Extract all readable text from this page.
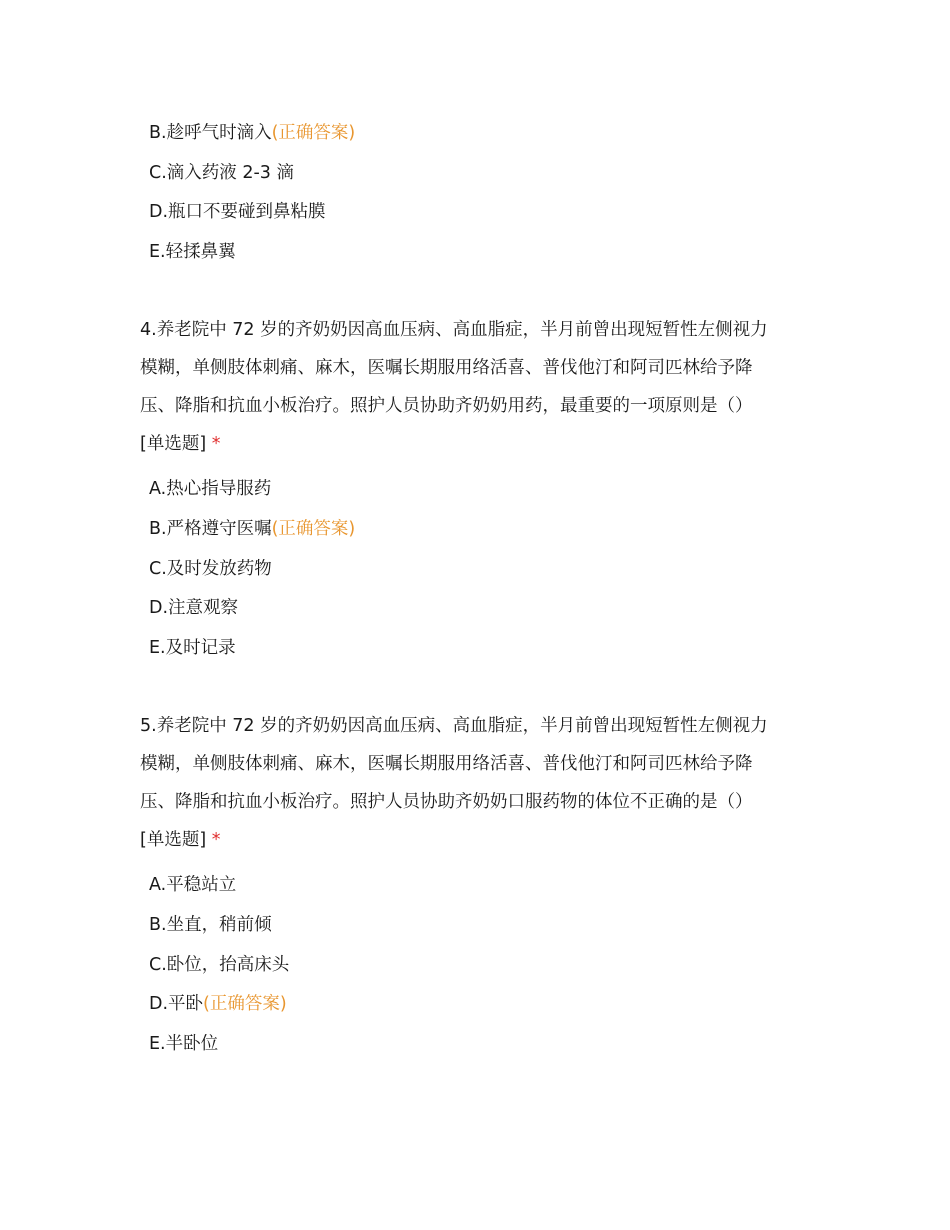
B.趁呼气时滴入(正确答案)
C.滴入药液 2-3 滴
D.瓶口不要碰到鼻粘膜
E.轻揉鼻翼
4.养老院中 72 岁的齐奶奶因高血压病、高血脂症，半月前曾出现短暂性左侧视力
模糊，单侧肢体刺痛、麻木，医嘱长期服用络活喜、普伐他汀和阿司匹林给予降
压、降脂和抗血小板治疗。照护人员协助齐奶奶用药，最重要的一项原则是（）
[单选题] *
A.热心指导服药
B.严格遵守医嘱(正确答案)
C.及时发放药物
D.注意观察
E.及时记录
5.养老院中 72 岁的齐奶奶因高血压病、高血脂症，半月前曾出现短暂性左侧视力
模糊，单侧肢体刺痛、麻木，医嘱长期服用络活喜、普伐他汀和阿司匹林给予降
压、降脂和抗血小板治疗。照护人员协助齐奶奶口服药物的体位不正确的是（）
[单选题] *
A.平稳站立
B.坐直，稍前倾
C.卧位，抬高床头
D.平卧(正确答案)
E.半卧位
